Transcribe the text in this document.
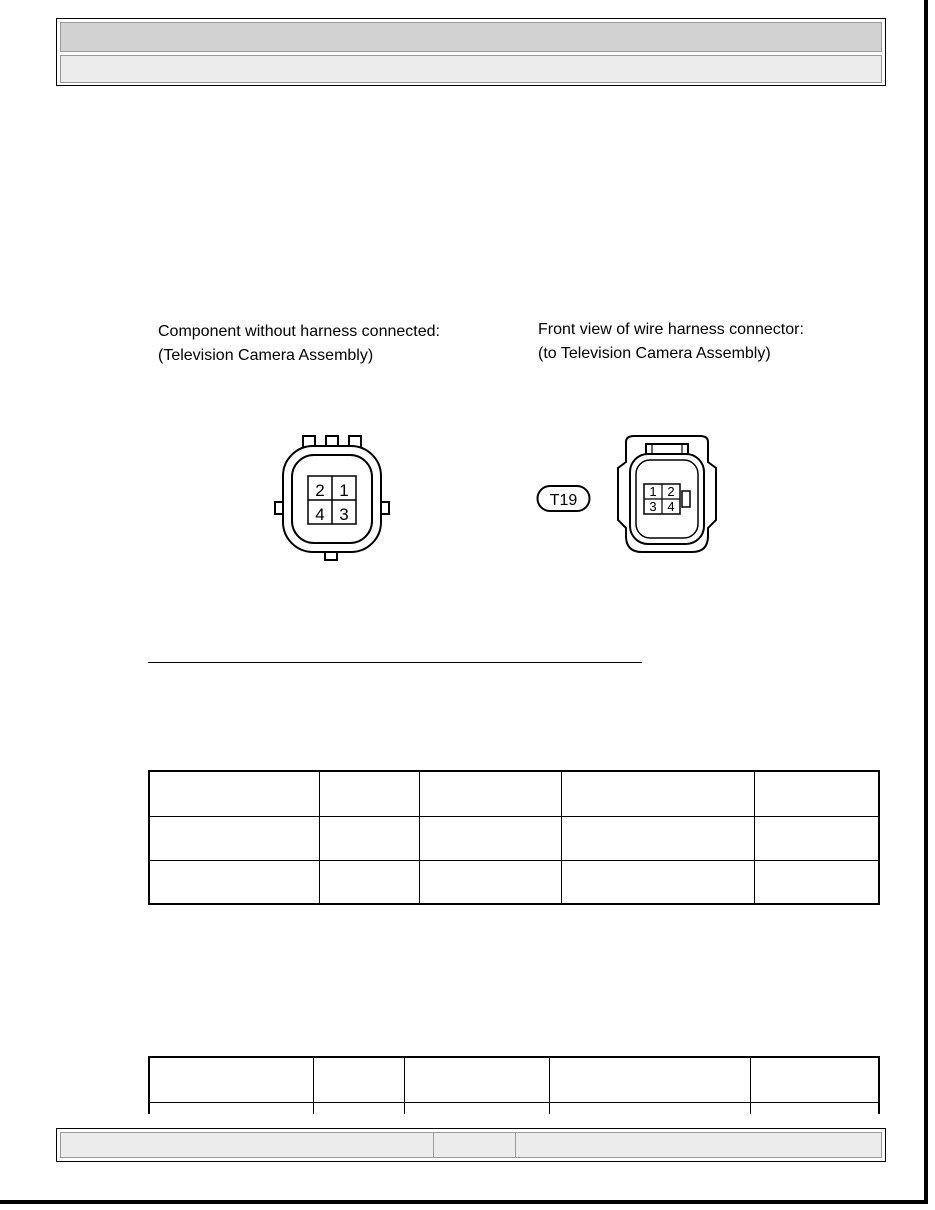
Component without harness connected:
(Television Camera Assembly)
Front view of wire harness connector:
(to Television Camera Assembly)
2 1
4 3
T19
1 2
3 4
